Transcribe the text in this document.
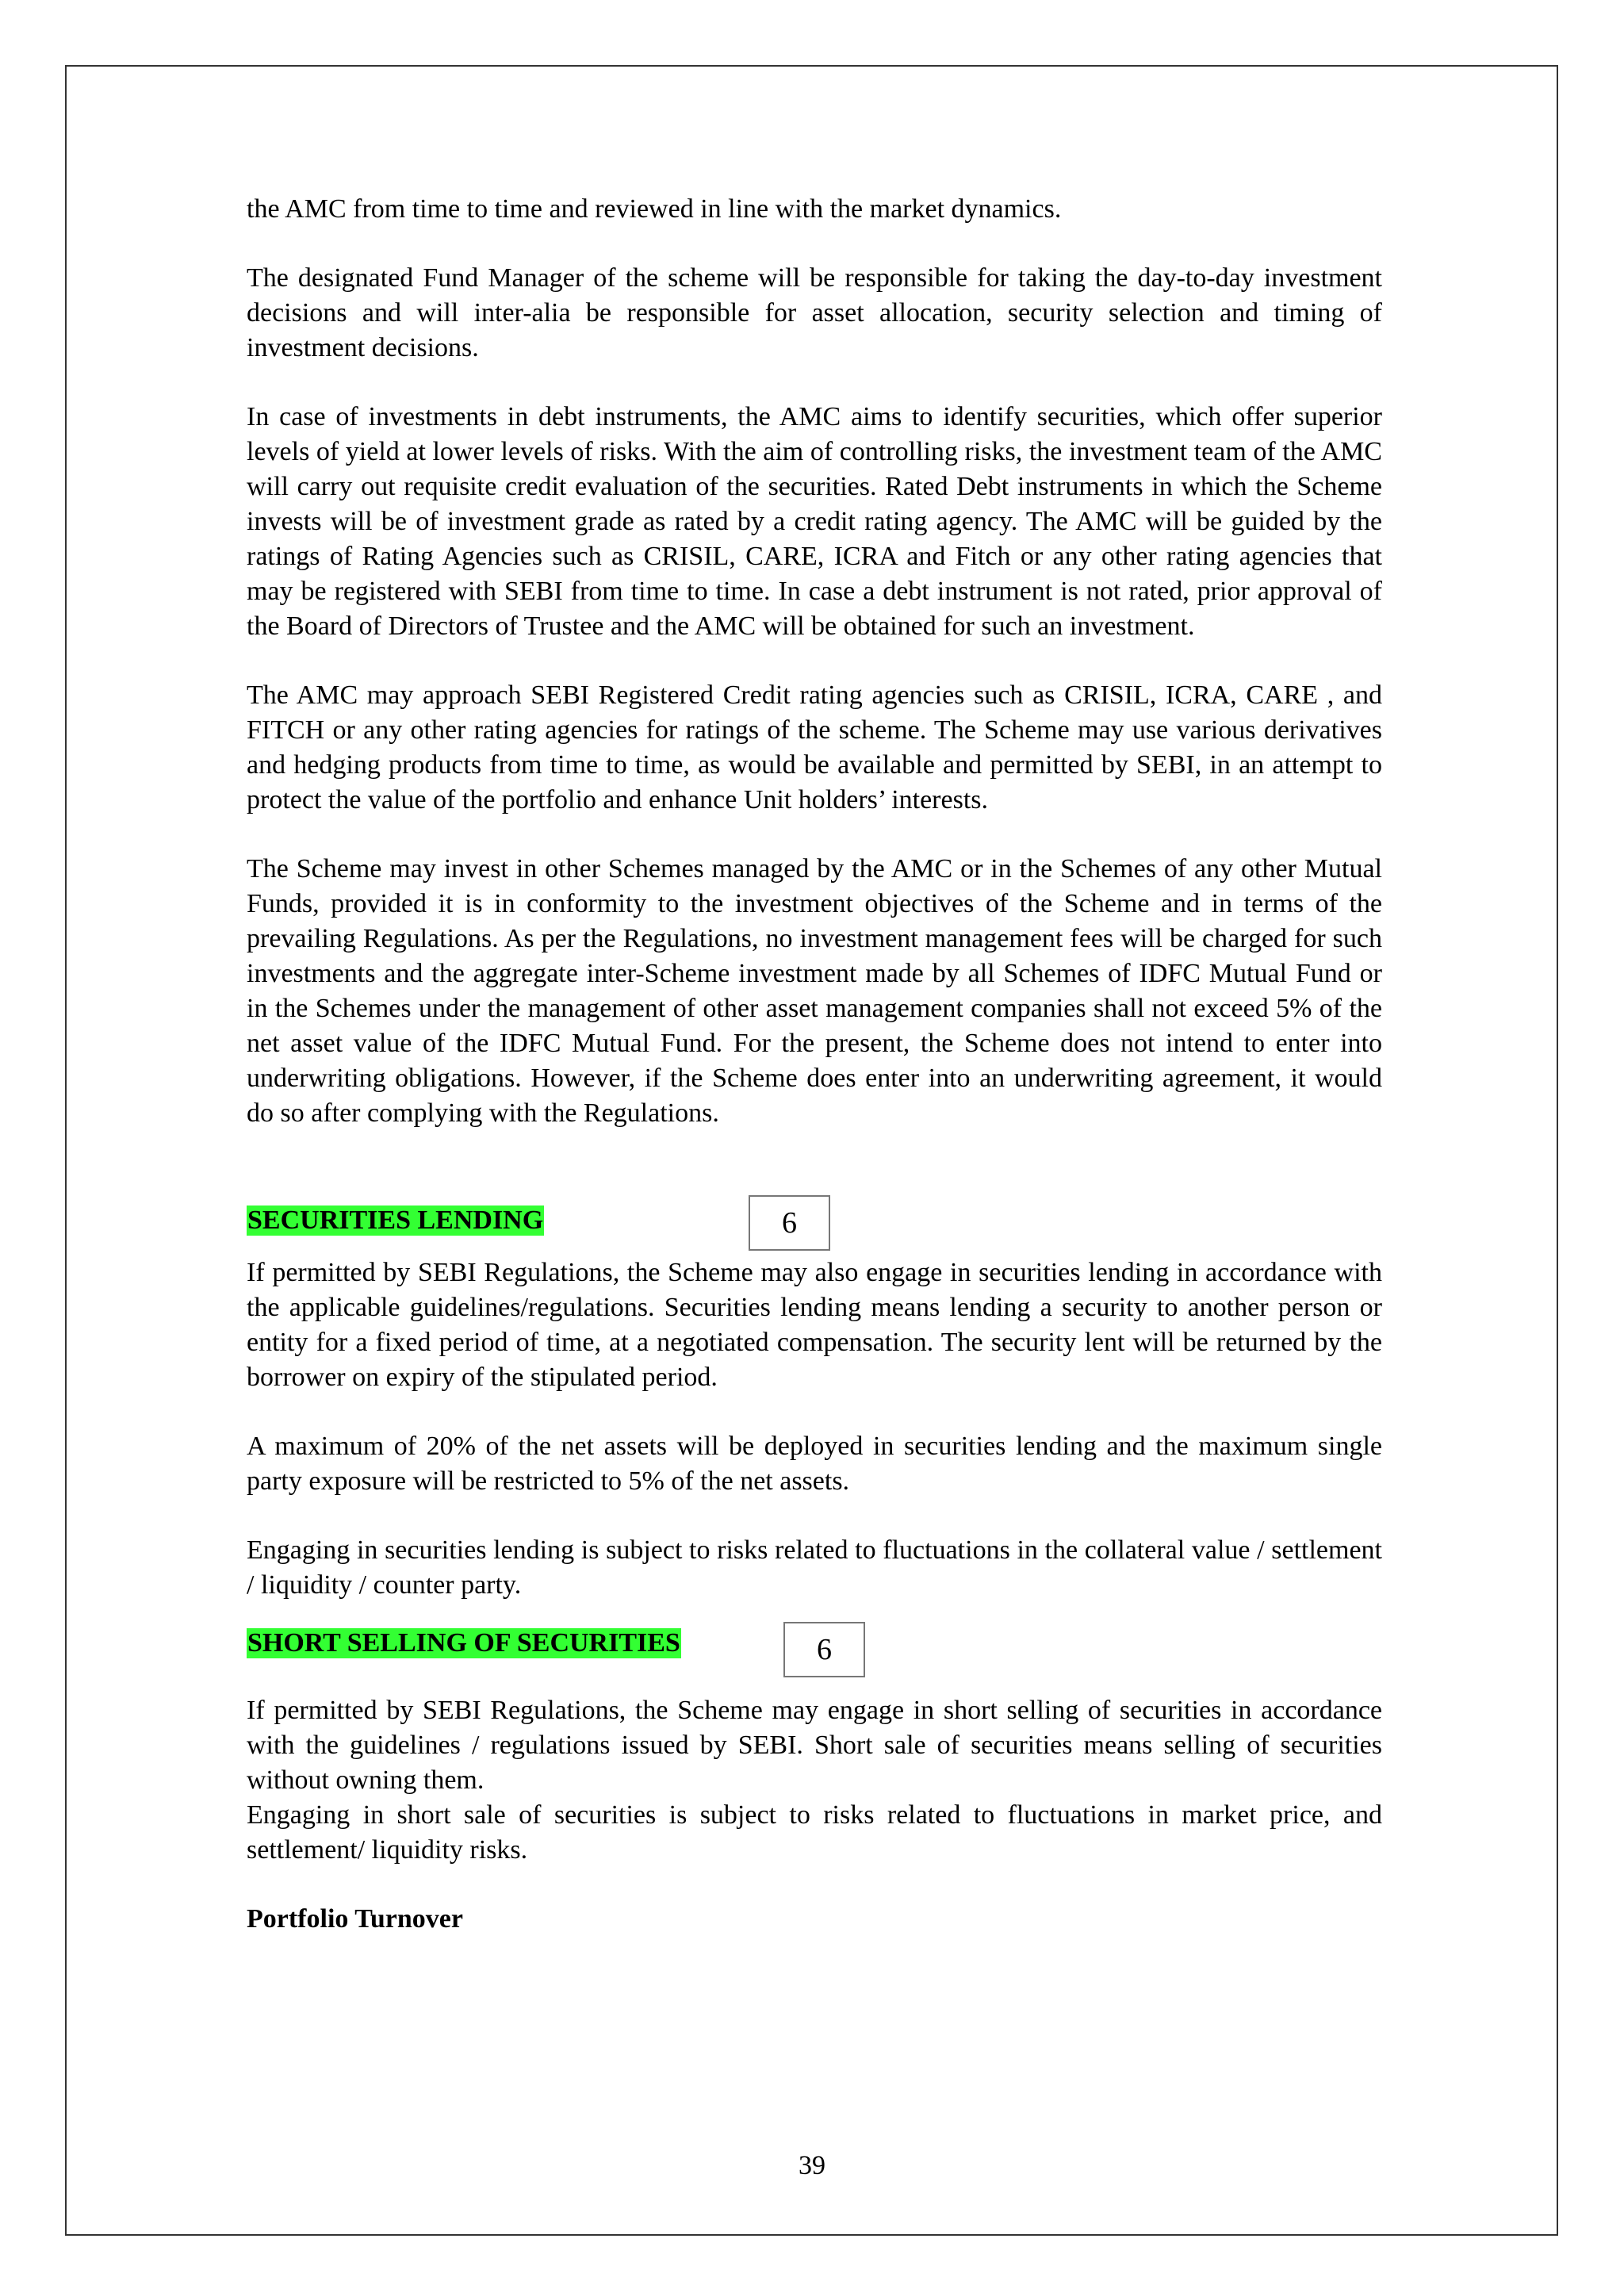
the AMC from time to time and reviewed in line with the market dynamics.

The designated Fund Manager of the scheme will be responsible for taking the day-to-day investment decisions and will inter-alia be responsible for asset allocation, security selection and timing of investment decisions.

In case of investments in debt instruments, the AMC aims to identify securities, which offer superior levels of yield at lower levels of risks. With the aim of controlling risks, the investment team of the AMC will carry out requisite credit evaluation of the securities. Rated Debt instruments in which the Scheme invests will be of investment grade as rated by a credit rating agency. The AMC will be guided by the ratings of Rating Agencies such as CRISIL, CARE, ICRA and Fitch or any other rating agencies that may be registered with SEBI from time to time. In case a debt instrument is not rated, prior approval of the Board of Directors of Trustee and the AMC will be obtained for such an investment.

The AMC may approach SEBI Registered Credit rating agencies such as CRISIL, ICRA, CARE , and FITCH or any other rating agencies for ratings of the scheme. The Scheme may use various derivatives and hedging products from time to time, as would be available and permitted by SEBI, in an attempt to protect the value of the portfolio and enhance Unit holders’ interests.

The Scheme may invest in other Schemes managed by the AMC or in the Schemes of any other Mutual Funds, provided it is in conformity to the investment objectives of the Scheme and in terms of the prevailing Regulations. As per the Regulations, no investment management fees will be charged for such investments and the aggregate inter-Scheme investment made by all Schemes of IDFC Mutual Fund or in the Schemes under the management of other asset management companies shall not exceed 5% of the net asset value of the IDFC Mutual Fund. For the present, the Scheme does not intend to enter into underwriting obligations. However, if the Scheme does enter into an underwriting agreement, it would do so after complying with the Regulations.

SECURITIES LENDING	6

If permitted by SEBI Regulations, the Scheme may also engage in securities lending in accordance with the applicable guidelines/regulations. Securities lending means lending a security to another person or entity for a fixed period of time, at a negotiated compensation. The security lent will be returned by the borrower on expiry of the stipulated period.

A maximum of 20% of the net assets will be deployed in securities lending and the maximum single party exposure will be restricted to 5% of the net assets.

Engaging in securities lending is subject to risks related to fluctuations in the collateral value / settlement / liquidity / counter party.

SHORT SELLING OF SECURITIES	6

If permitted by SEBI Regulations, the Scheme may engage in short selling of securities in accordance with the guidelines / regulations issued by SEBI. Short sale of securities means selling of securities without owning them.

Engaging in short sale of securities is subject to risks related to fluctuations in market price, and settlement/ liquidity risks.

Portfolio Turnover

39
